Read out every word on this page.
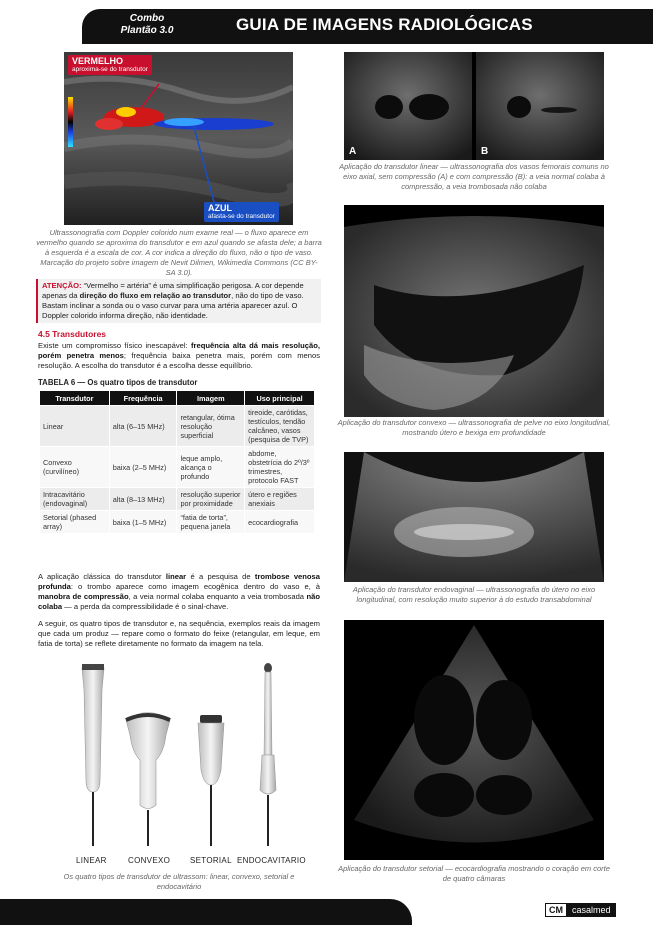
Combo
Plantão 3.0	GUIA DE IMAGENS RADIOLÓGICAS
VERMELHO
aproxima-se do transdutor
AZUL
afasta-se do transdutor
Ultrassonografia com Doppler colorido num exame real — o fluxo aparece em vermelho quando se aproxima do transdutor e em azul quando se afasta dele; a barra à esquerda é a escala de cor. A cor indica a direção do fluxo, não o tipo de vaso. Marcação do projeto sobre imagem de Nevit Dilmen, Wikimedia Commons (CC BY-SA 3.0).
ATENÇÃO: “Vermelho = artéria” é uma simplificação perigosa. A cor depende apenas da direção do fluxo em relação ao transdutor, não do tipo de vaso. Bastam inclinar a sonda ou o vaso curvar para uma artéria aparecer azul. O Doppler colorido informa direção, não identidade.
4.5 Transdutores
Existe um compromisso físico inescapável: frequência alta dá mais resolução, porém penetra menos; frequência baixa penetra mais, porém com menos resolução. A escolha do transdutor é a escolha desse equilíbrio.
TABELA 6 — Os quatro tipos de transdutor
Transdutor	Frequência	Imagem	Uso principal
Linear	alta (6–15 MHz)	retangular, ótima resolução superficial	tireoide, carótidas, testículos, tendão calcâneo, vasos (pesquisa de TVP)
Convexo (curvilíneo)	baixa (2–5 MHz)	leque amplo, alcança o profundo	abdome, obstetrícia do 2º/3º trimestres, protocolo FAST
Intracavitário (endovaginal)	alta (8–13 MHz)	resolução superior por proximidade	útero e regiões anexiais
Setorial (phased array)	baixa (1–5 MHz)	“fatia de torta”, pequena janela	ecocardiografia
A aplicação clássica do transdutor linear é a pesquisa de trombose venosa profunda: o trombo aparece como imagem ecogênica dentro do vaso e, à manobra de compressão, a veia normal colaba enquanto a veia trombosada não colaba — a perda da compressibilidade é o sinal-chave.
A seguir, os quatro tipos de transdutor e, na sequência, exemplos reais da imagem que cada um produz — repare como o formato do feixe (retangular, em leque, em fatia de torta) se reflete diretamente no formato da imagem na tela.
LINEAR	CONVEXO SETORIAL ENDOCAVITARIO
Os quatro tipos de transdutor de ultrassom: linear, convexo, setorial e endocavitário
A	B
Aplicação do transdutor linear — ultrassonografia dos vasos femorais comuns no eixo axial, sem compressão (A) e com compressão (B): a veia normal colaba à compressão, a veia trombosada não colaba
Aplicação do transdutor convexo — ultrassonografia de pelve no eixo longitudinal, mostrando útero e bexiga em profundidade
Aplicação do transdutor endovaginal — ultrassonografia do útero no eixo longitudinal, com resolução muito superior à do estudo transabdominal
Aplicação do transdutor setorial — ecocardiografia mostrando o coração em corte de quatro câmaras
CM	casalmed
